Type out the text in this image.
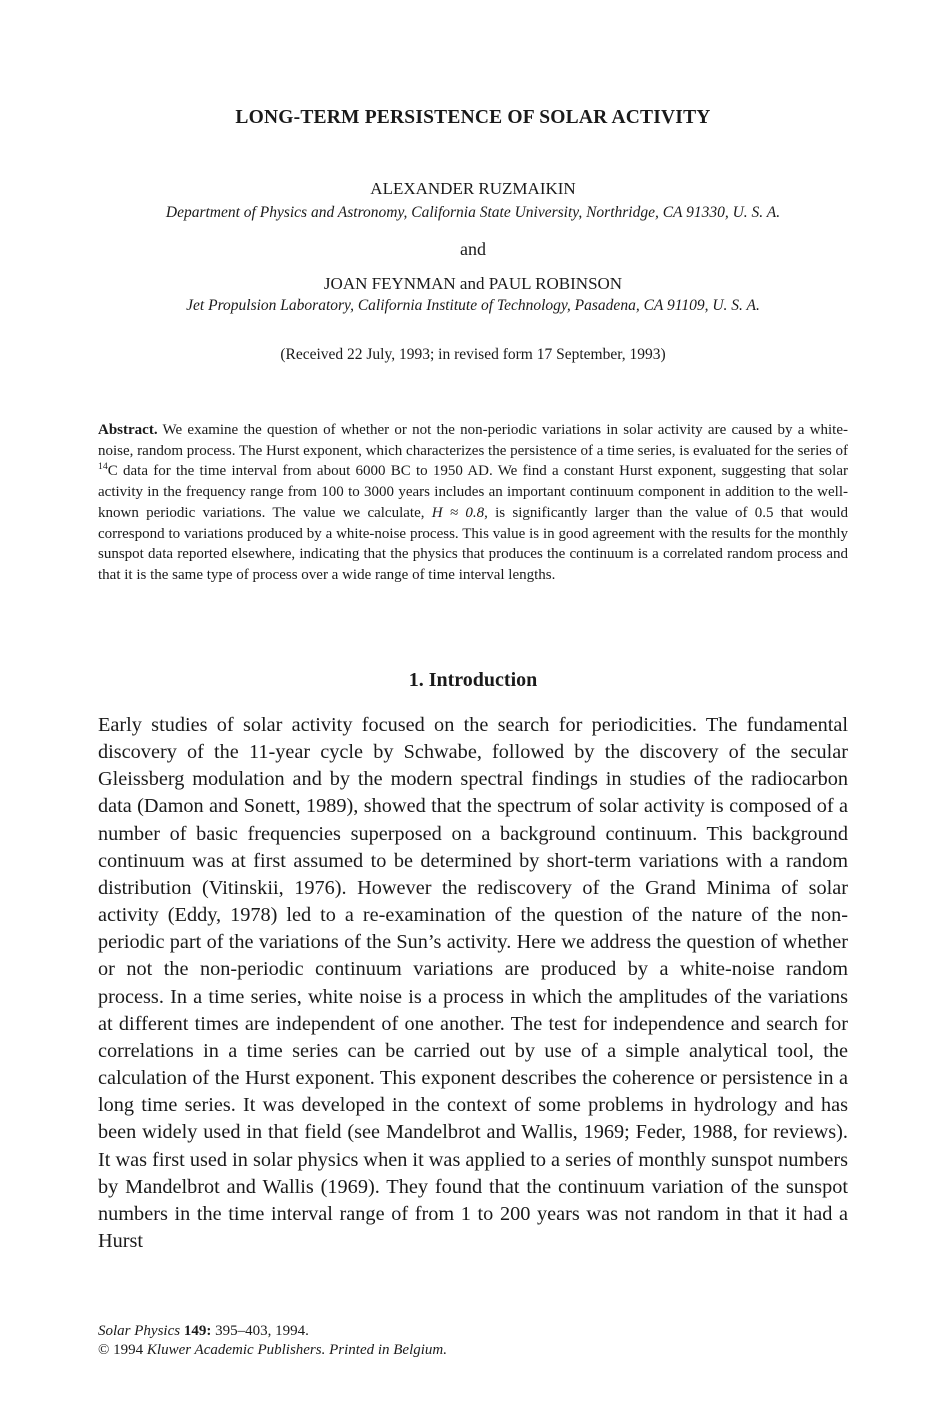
LONG-TERM PERSISTENCE OF SOLAR ACTIVITY
ALEXANDER RUZMAIKIN
Department of Physics and Astronomy, California State University, Northridge, CA 91330, U. S. A.
and
JOAN FEYNMAN and PAUL ROBINSON
Jet Propulsion Laboratory, California Institute of Technology, Pasadena, CA 91109, U. S. A.
(Received 22 July, 1993; in revised form 17 September, 1993)
Abstract. We examine the question of whether or not the non-periodic variations in solar activity are caused by a white-noise, random process. The Hurst exponent, which characterizes the persistence of a time series, is evaluated for the series of $^{14}$C data for the time interval from about 6000 BC to 1950 AD. We find a constant Hurst exponent, suggesting that solar activity in the frequency range from 100 to 3000 years includes an important continuum component in addition to the well-known periodic variations. The value we calculate, H ≈ 0.8, is significantly larger than the value of 0.5 that would correspond to variations produced by a white-noise process. This value is in good agreement with the results for the monthly sunspot data reported elsewhere, indicating that the physics that produces the continuum is a correlated random process and that it is the same type of process over a wide range of time interval lengths.
1. Introduction
Early studies of solar activity focused on the search for periodicities. The fundamental discovery of the 11-year cycle by Schwabe, followed by the discovery of the secular Gleissberg modulation and by the modern spectral findings in studies of the radiocarbon data (Damon and Sonett, 1989), showed that the spectrum of solar activity is composed of a number of basic frequencies superposed on a background continuum. This background continuum was at first assumed to be determined by short-term variations with a random distribution (Vitinskii, 1976). However the rediscovery of the Grand Minima of solar activity (Eddy, 1978) led to a re-examination of the question of the nature of the non-periodic part of the variations of the Sun’s activity. Here we address the question of whether or not the non-periodic continuum variations are produced by a white-noise random process. In a time series, white noise is a process in which the amplitudes of the variations at different times are independent of one another. The test for independence and search for correlations in a time series can be carried out by use of a simple analytical tool, the calculation of the Hurst exponent. This exponent describes the coherence or persistence in a long time series. It was developed in the context of some problems in hydrology and has been widely used in that field (see Mandelbrot and Wallis, 1969; Feder, 1988, for reviews). It was first used in solar physics when it was applied to a series of monthly sunspot numbers by Mandelbrot and Wallis (1969). They found that the continuum variation of the sunspot numbers in the time interval range of from 1 to 200 years was not random in that it had a Hurst
Solar Physics 149: 395–403, 1994.
© 1994 Kluwer Academic Publishers. Printed in Belgium.
